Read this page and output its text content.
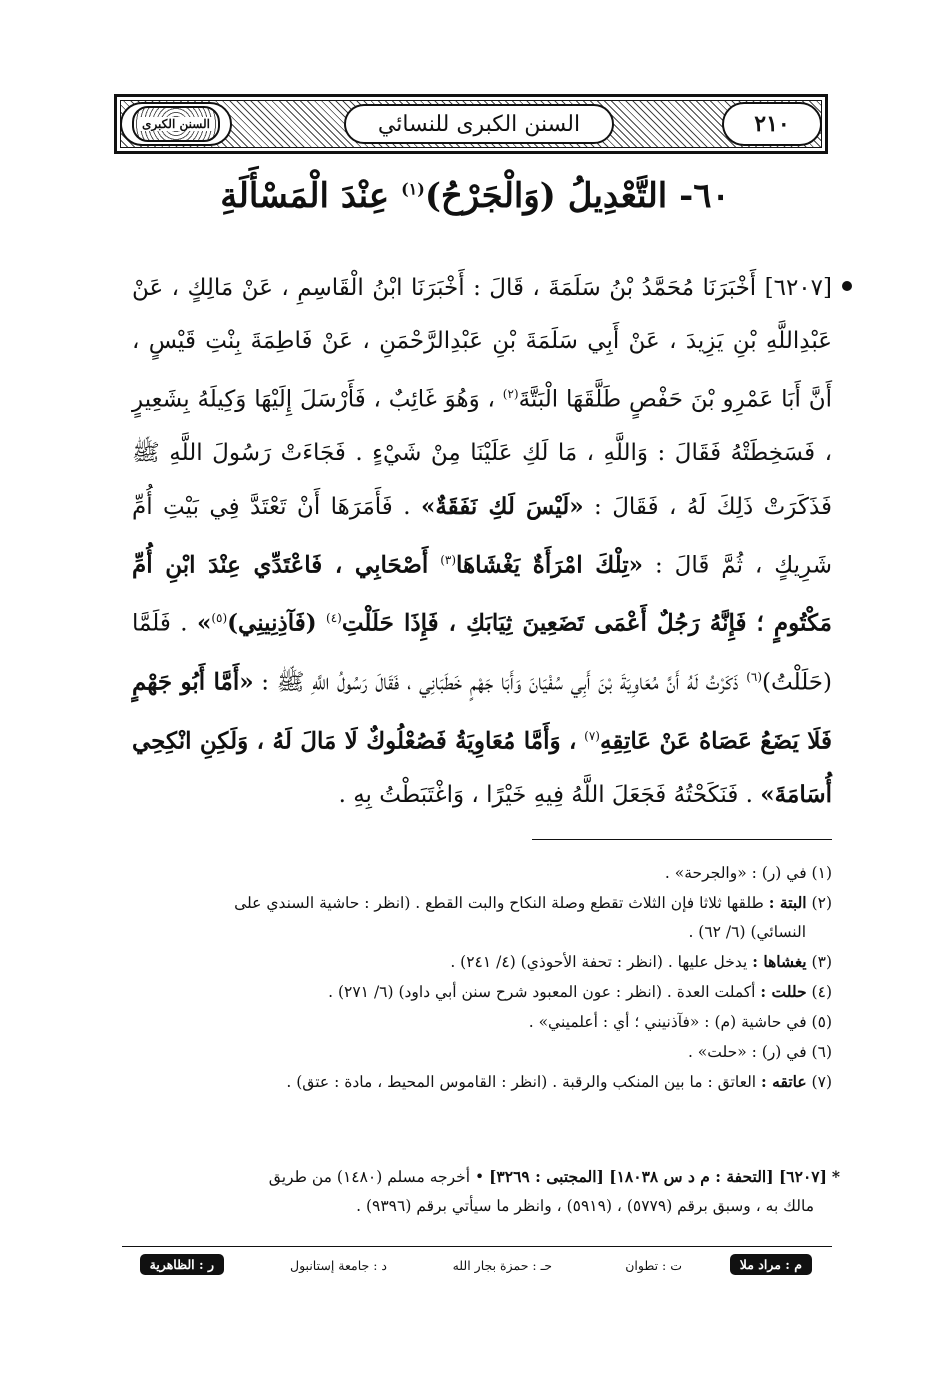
السنن الكبرى	السنن الكبرى للنسائي	٢١٠
٦٠- التَّعْدِيلُ (وَالْجَرْحُ)$^{(١)}$ عِنْدَ الْمَسْأَلَةِ
[٦٢٠٧] أَخْبَرَنَا مُحَمَّدُ بْنُ سَلَمَةَ ، قَالَ : أَخْبَرَنَا ابْنُ الْقَاسِمِ ، عَنْ مَالِكٍ ، عَنْ عَبْدِاللَّهِ بْنِ يَزِيدَ ، عَنْ أَبِي سَلَمَةَ بْنِ عَبْدِالرَّحْمَنِ ، عَنْ فَاطِمَةَ بِنْتِ قَيْسٍ ، أَنَّ أَبَا عَمْرِو بْنَ حَفْصٍ طَلَّقَهَا الْبَتَّةَ$^{(٢)}$ ، وَهُوَ غَائِبٌ ، فَأَرْسَلَ إِلَيْهَا وَكِيلَهُ بِشَعِيرٍ ، فَسَخِطَتْهُ فَقَالَ : وَاللَّهِ ، مَا لَكِ عَلَيْنَا مِنْ شَيْءٍ . فَجَاءَتْ رَسُولَ اللَّهِ ﷺ فَذَكَرَتْ ذَلِكَ لَهُ ، فَقَالَ : «لَيْسَ لَكِ نَفَقَةٌ» . فَأَمَرَهَا أَنْ تَعْتَدَّ فِي بَيْتِ أُمِّ شَرِيكٍ ، ثُمَّ قَالَ : «تِلْكَ امْرَأَةٌ يَغْشَاهَا$^{(٣)}$ أَصْحَابِي ، فَاعْتَدِّي عِنْدَ ابْنِ أُمِّ مَكْتُومٍ ؛ فَإِنَّهُ رَجُلٌ أَعْمَى تَضَعِينَ ثِيَابَكِ ، فَإِذَا حَلَلْتِ$^{(٤)}$ (فَآذِنِينِي)$^{(٥)}$» . فَلَمَّا (حَلَلْتُ)$^{(٦)}$ ذَكَرْتُ لَهُ أَنَّ مُعَاوِيَةَ بْنَ أَبِي سُفْيَانَ وَأَبَا جَهْمٍ خَطَبَانِي ، فَقَالَ رَسُولُ اللَّهِ ﷺ : «أَمَّا أَبُو جَهْمٍ فَلَا يَضَعُ عَصَاهُ عَنْ عَاتِقِهِ$^{(٧)}$ ، وَأَمَّا مُعَاوِيَةُ فَصُعْلُوكٌ لَا مَالَ لَهُ ، وَلَكِنِ انْكِحِي أُسَامَةَ» . فَنَكَحْتُهُ فَجَعَلَ اللَّهُ فِيهِ خَيْرًا ، وَاغْتَبَطْتُ بِهِ .

(١) في (ر) : «والجرحة» .

(٢) البتة : طلقها ثلاثا فإن الثلاث تقطع وصلة النكاح والبت القطع . (انظر : حاشية السندي على

النسائي) (٦/ ٦٢) .

(٣) يغشاها : يدخل عليها . (انظر : تحفة الأحوذي) (٤/ ٢٤١) .

(٤) حللت : أكملت العدة . (انظر : عون المعبود شرح سنن أبي داود) (٦/ ٢٧١) .

(٥) في حاشية (م) : «فآذنيني ؛ أي : أعلميني» .

(٦) في (ر) : «حلت» .

(٧) عاتقه : العاتق : ما بين المنكب والرقبة . (انظر : القاموس المحيط ، مادة : عتق) .

* [٦٢٠٧] [التحفة : م د س ١٨٠٣٨] [المجتبى : ٣٢٦٩] • أخرجه مسلم (١٤٨٠) من طريق
مالك به ، وسبق برقم (٥٧٧٩) ، (٥٩١٩) ، وانظر ما سيأتي برقم (٩٣٩٦) .
م : مراد ملا
ت : تطوان
حـ : حمزة بجار الله
د : جامعة إستانبول
ر : الظاهرية
